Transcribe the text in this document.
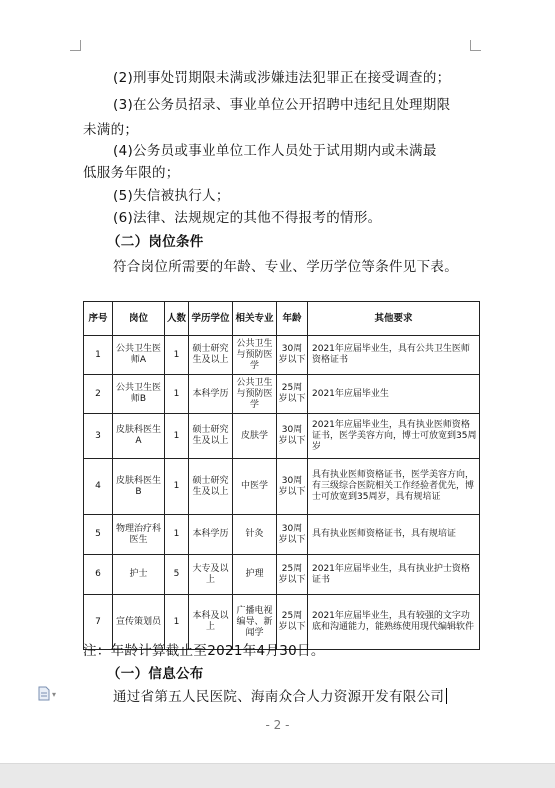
(2)刑事处罚期限未满或涉嫌违法犯罪正在接受调查的；
(3)在公务员招录、事业单位公开招聘中违纪且处理期限
未满的；
(4)公务员或事业单位工作人员处于试用期内或未满最
低服务年限的；
(5)失信被执行人；
(6)法律、法规规定的其他不得报考的情形。
（二）岗位条件
符合岗位所需要的年龄、专业、学历学位等条件见下表。
序号	岗位	人数	学历学位	相关专业	年龄	其他要求
1	公共卫生医师A	1	硕士研究生及以上	公共卫生与预防医学	30周岁以下	2021年应届毕业生，具有公共卫生医师资格证书
2	公共卫生医师B	1	本科学历	公共卫生与预防医学	25周岁以下	2021年应届毕业生
3	皮肤科医生A	1	硕士研究生及以上	皮肤学	30周岁以下	2021年应届毕业生，具有执业医师资格证书，医学美容方向，博士可放宽到35周岁
4	皮肤科医生B	1	硕士研究生及以上	中医学	30周岁以下	具有执业医师资格证书，医学美容方向，有三级综合医院相关工作经验者优先，博士可放宽到35周岁，具有规培证
5	物理治疗科医生	1	本科学历	针灸	30周岁以下	具有执业医师资格证书，具有规培证
6	护士	5	大专及以上	护理	25周岁以下	2021年应届毕业生，具有执业护士资格证书
7	宣传策划员	1	本科及以上	广播电视编导、新闻学	25周岁以下	2021年应届毕业生，具有较强的文字功底和沟通能力，能熟练使用现代编辑软件
注：年龄计算截止至2021年4月30日。
（一）信息公布
通过省第五人民医院、海南众合人力资源开发有限公司
▾
- 2 -
